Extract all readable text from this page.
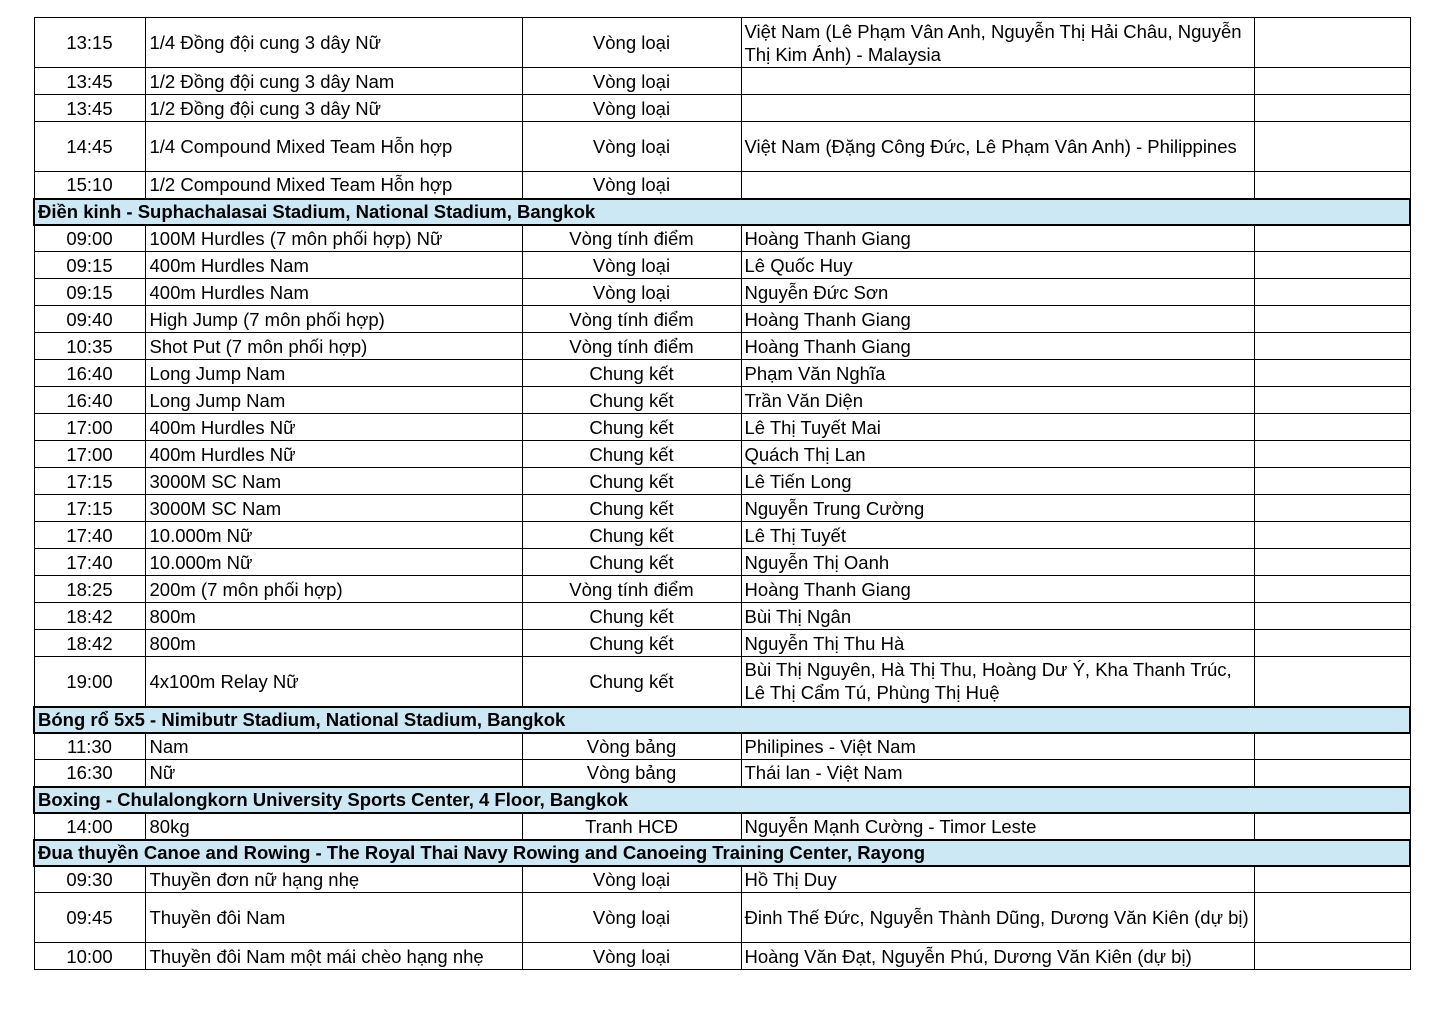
13:15	1/4 Đồng đội cung 3 dây Nữ	Vòng loại	Việt Nam (Lê Phạm Vân Anh, Nguyễn Thị Hải Châu, Nguyễn Thị Kim Ánh) - Malaysia	
13:45	1/2 Đồng đội cung 3 dây Nam	Vòng loại		
13:45	1/2 Đồng đội cung 3 dây Nữ	Vòng loại		
14:45	1/4 Compound Mixed Team Hỗn hợp	Vòng loại	Việt Nam (Đặng Công Đức, Lê Phạm Vân Anh) - Philippines	
15:10	1/2 Compound Mixed Team Hỗn hợp	Vòng loại		
Điền kinh - Suphachalasai Stadium, National Stadium, Bangkok				
09:00	100M Hurdles (7 môn phối hợp) Nữ	Vòng tính điểm	Hoàng Thanh Giang	
09:15	400m Hurdles Nam	Vòng loại	Lê Quốc Huy	
09:15	400m Hurdles Nam	Vòng loại	Nguyễn Đức Sơn	
09:40	High Jump (7 môn phối hợp)	Vòng tính điểm	Hoàng Thanh Giang	
10:35	Shot Put (7 môn phối hợp)	Vòng tính điểm	Hoàng Thanh Giang	
16:40	Long Jump Nam	Chung kết	Phạm Văn Nghĩa	
16:40	Long Jump Nam	Chung kết	Trần Văn Diện	
17:00	400m Hurdles Nữ	Chung kết	Lê Thị Tuyết Mai	
17:00	400m Hurdles Nữ	Chung kết	Quách Thị Lan	
17:15	3000M SC Nam	Chung kết	Lê Tiến Long	
17:15	3000M SC Nam	Chung kết	Nguyễn Trung Cường	
17:40	10.000m Nữ	Chung kết	Lê Thị Tuyết	
17:40	10.000m Nữ	Chung kết	Nguyễn Thị Oanh	
18:25	200m (7 môn phối hợp)	Vòng tính điểm	Hoàng Thanh Giang	
18:42	800m	Chung kết	Bùi Thị Ngân	
18:42	800m	Chung kết	Nguyễn Thị Thu Hà	
19:00	4x100m Relay Nữ	Chung kết	Bùi Thị Nguyên, Hà Thị Thu, Hoàng Dư Ý, Kha Thanh Trúc, Lê Thị Cẩm Tú, Phùng Thị Huệ	
Bóng rổ 5x5 - Nimibutr Stadium, National Stadium, Bangkok				
11:30	Nam	Vòng bảng	Philipines - Việt Nam	
16:30	Nữ	Vòng bảng	Thái lan - Việt Nam	
Boxing - Chulalongkorn University Sports Center, 4 Floor, Bangkok				
14:00	80kg	Tranh HCĐ	Nguyễn Mạnh Cường - Timor Leste	
Đua thuyền Canoe and Rowing - The Royal Thai Navy Rowing and Canoeing Training Center, Rayong				
09:30	Thuyền đơn nữ hạng nhẹ	Vòng loại	Hồ Thị Duy	
09:45	Thuyền đôi Nam	Vòng loại	Đinh Thế Đức, Nguyễn Thành Dũng, Dương Văn Kiên (dự bị)	
10:00	Thuyền đôi Nam một mái chèo hạng nhẹ	Vòng loại	Hoàng Văn Đạt, Nguyễn Phú, Dương Văn Kiên (dự bị)	
